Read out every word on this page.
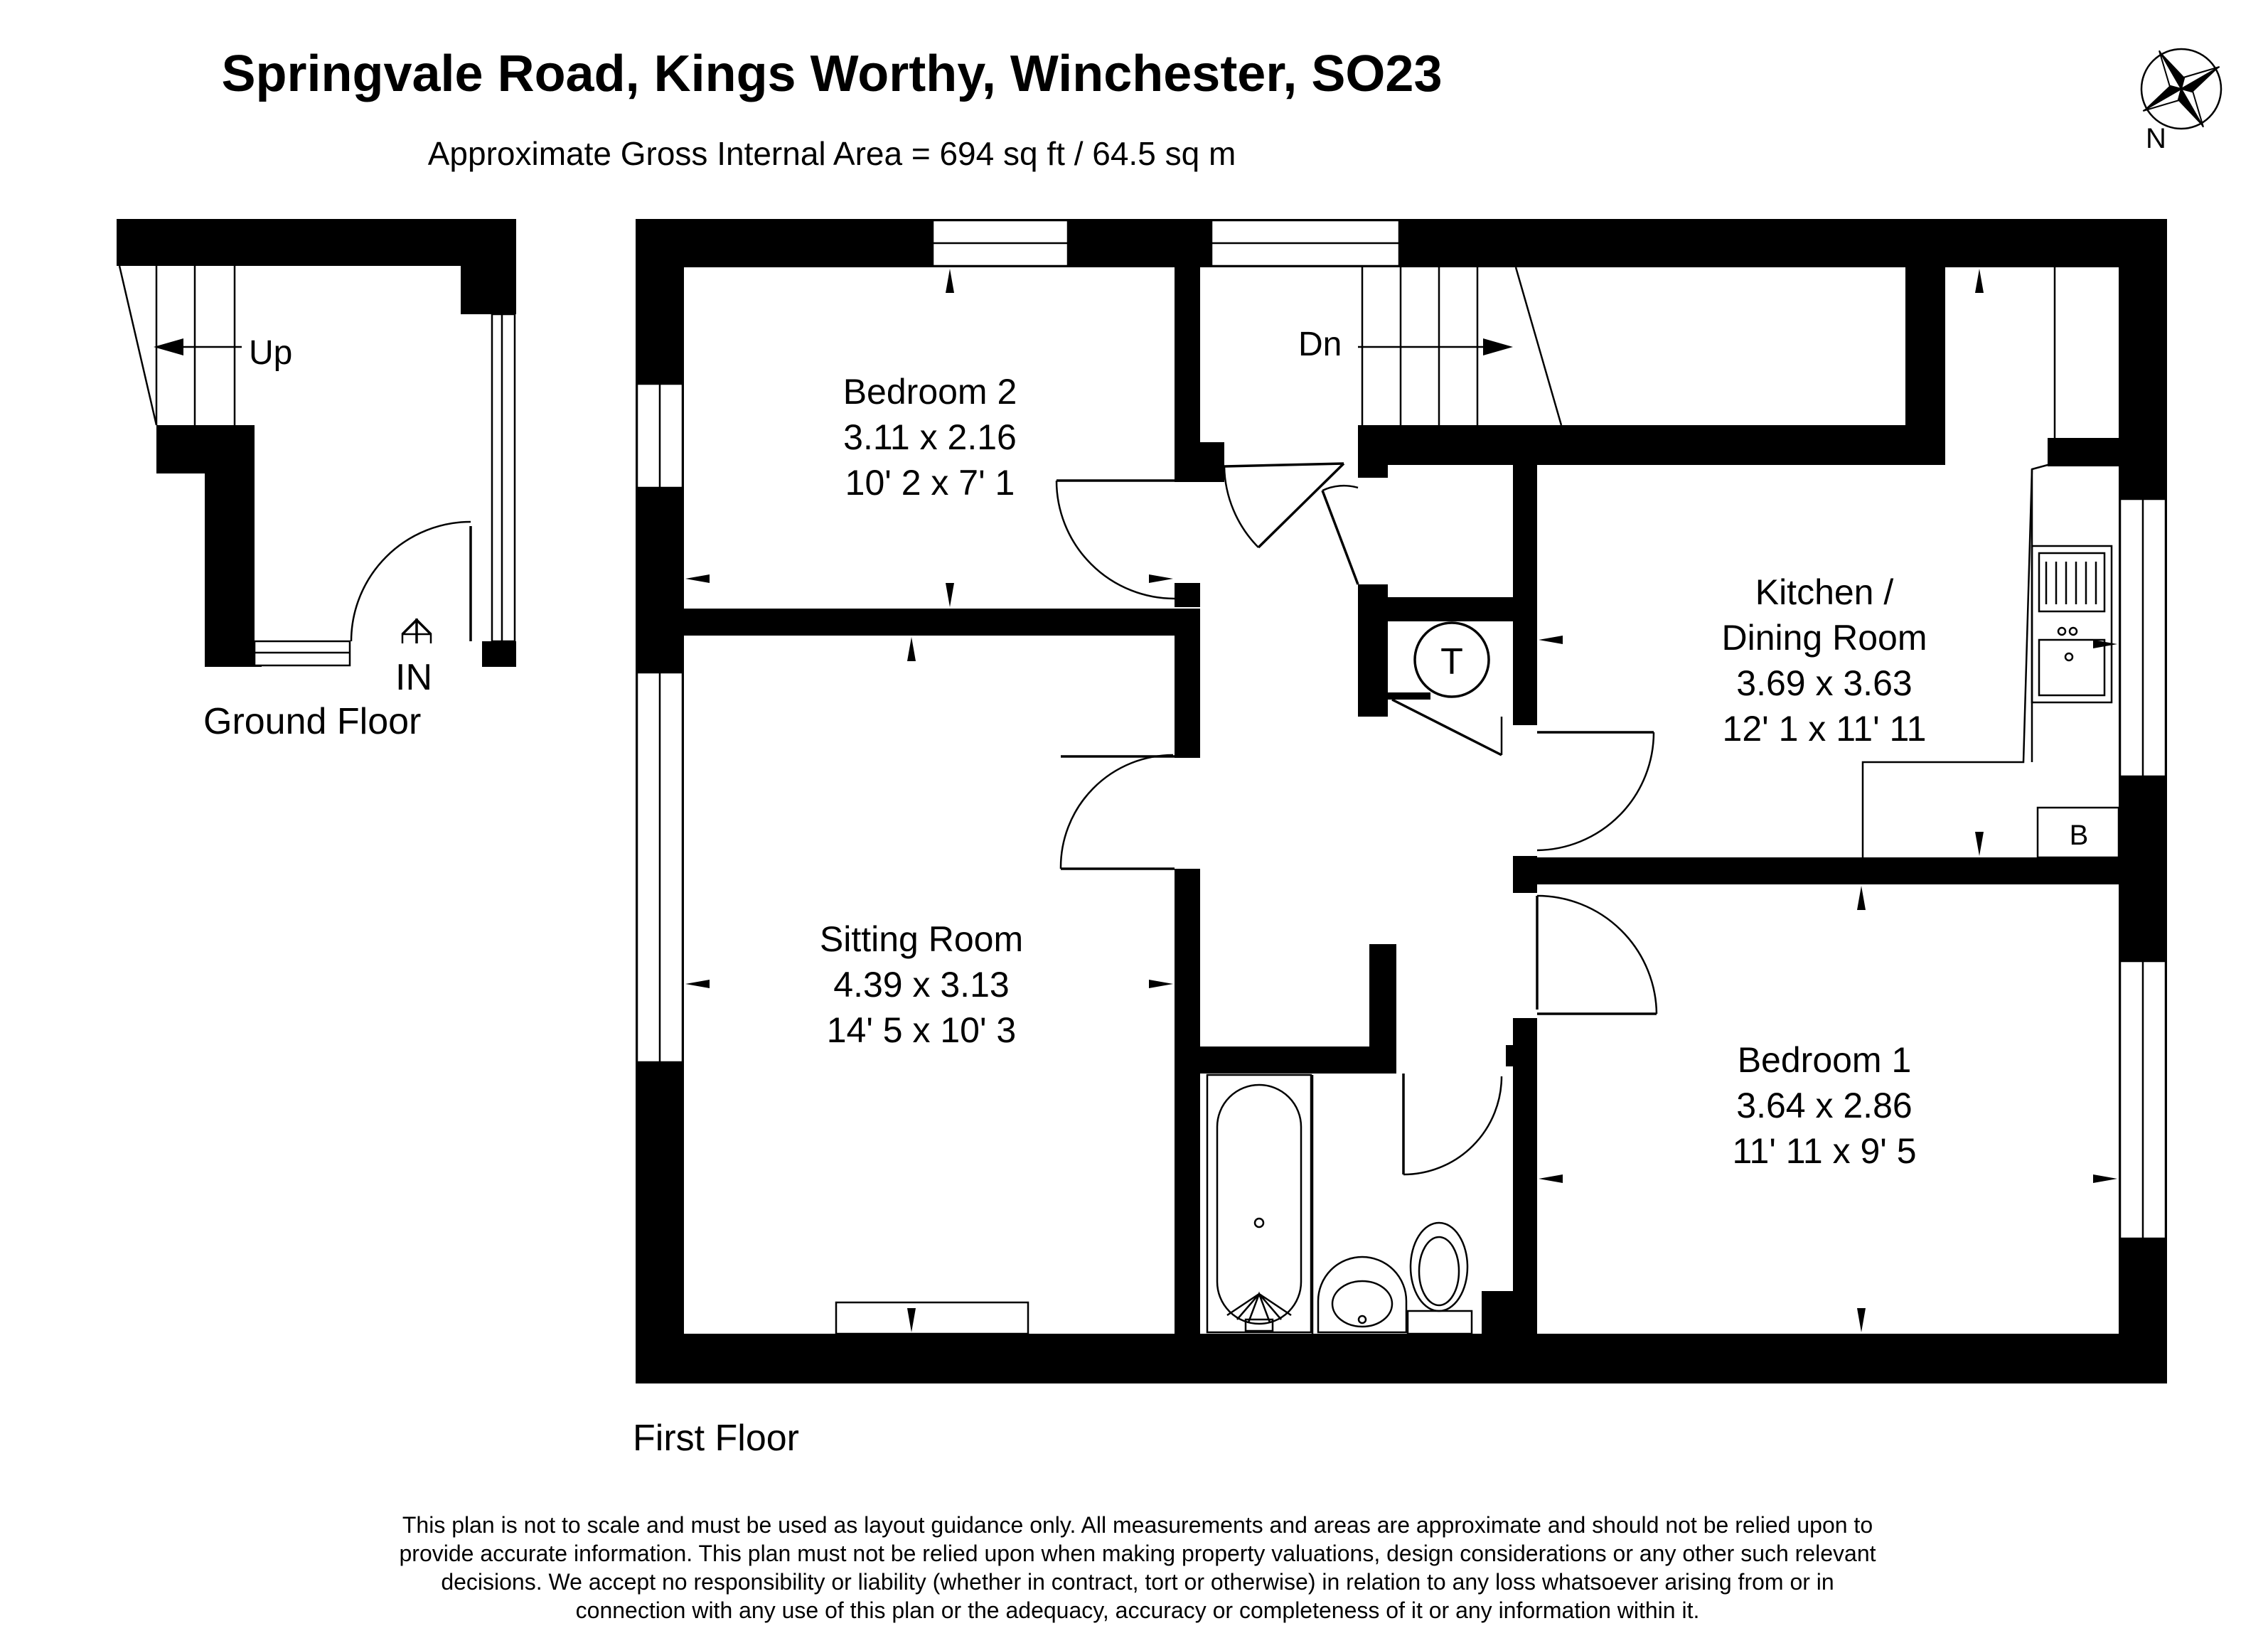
Springvale Road, Kings Worthy, Winchester, SO23
Approximate Gross Internal Area = 694 sq ft / 64.5 sq m	N
Up
IN
Ground Floor
Dn
B
T
Bedroom 2
3.11 x 2.16
10' 2 x 7' 1
Sitting Room
4.39 x 3.13
14' 5 x 10' 3
Kitchen /
Dining Room
3.69 x 3.63
12' 1 x 11' 11
Bedroom 1
3.64 x 2.86
11' 11 x 9' 5
First Floor
This plan is not to scale and must be used as layout guidance only. All measurements and areas are approximate and should not be relied upon to
provide accurate information. This plan must not be relied upon when making property valuations, design considerations or any other such relevant
decisions. We accept no responsibility or liability (whether in contract, tort or otherwise) in relation to any loss whatsoever arising from or in
connection with any use of this plan or the adequacy, accuracy or completeness of it or any information within it.
